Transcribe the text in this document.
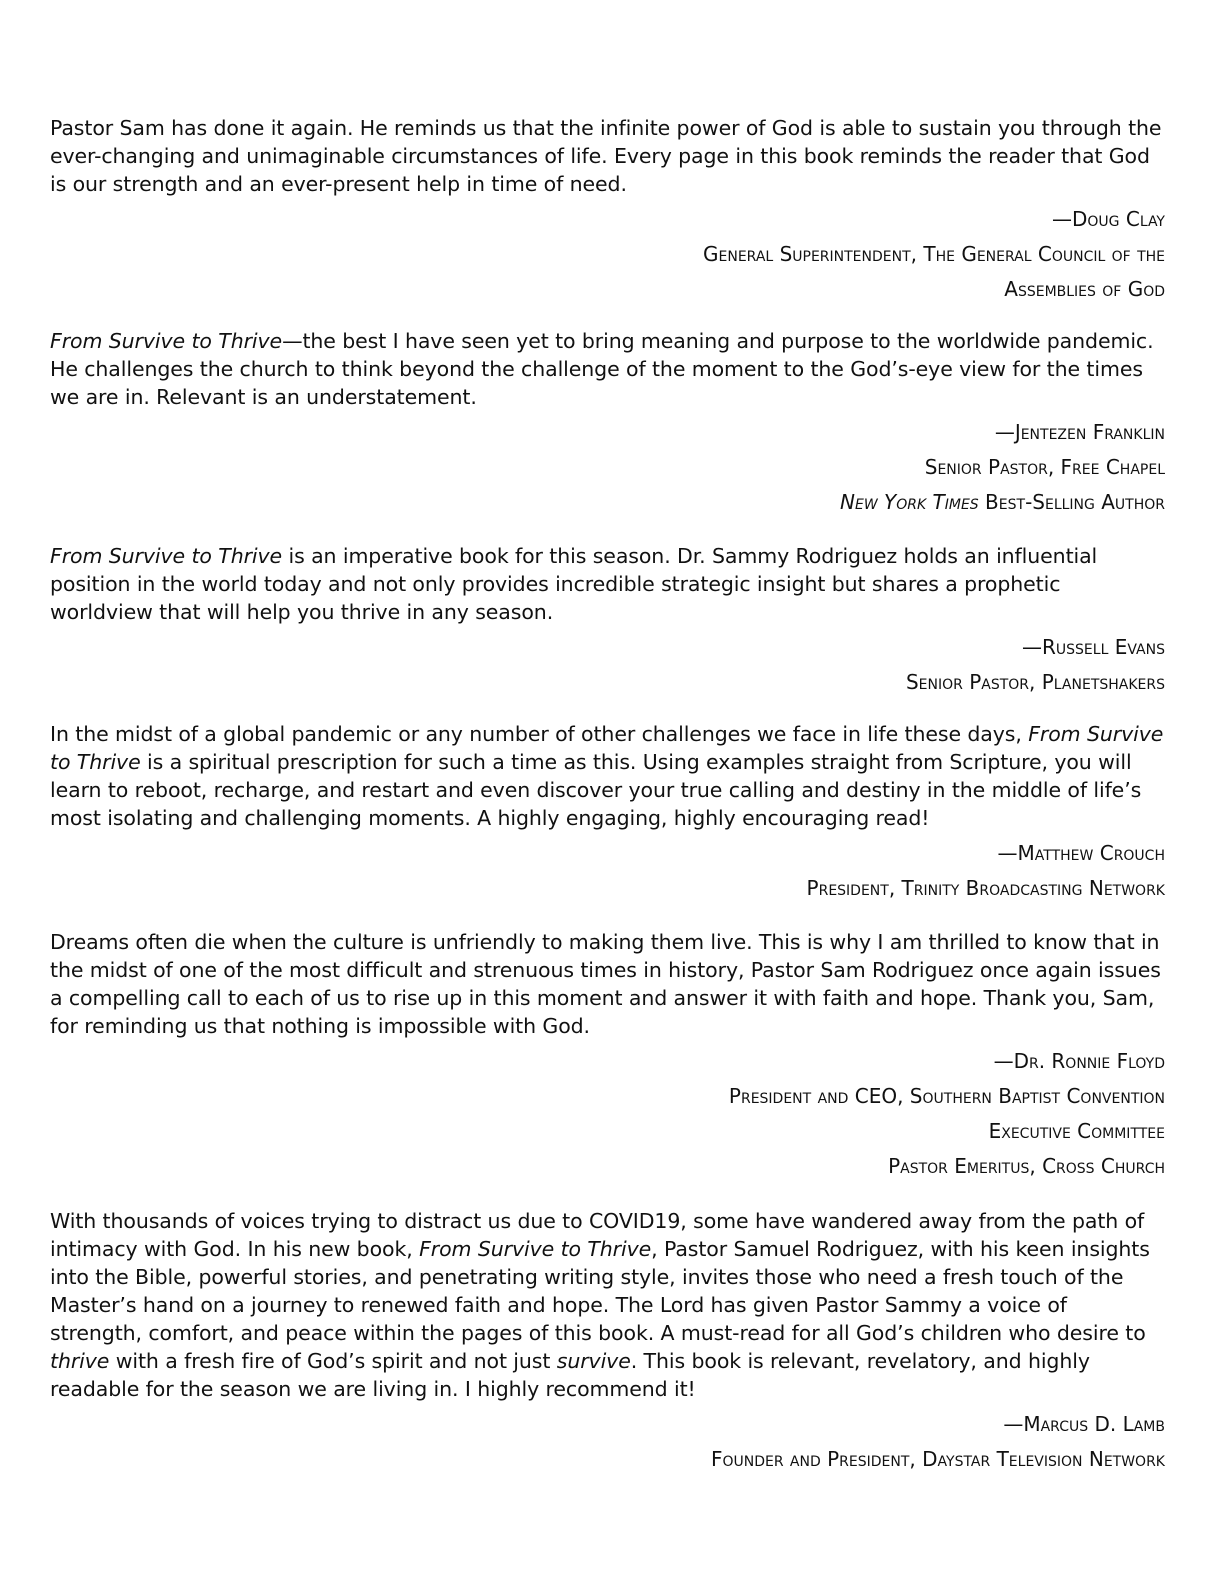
Pastor Sam has done it again. He reminds us that the infinite power of God is able to sustain you through the ever-changing and unimaginable circumstances of life. Every page in this book reminds the reader that God is our strength and an ever-present help in time of need.

—Doug Clay

General Superintendent, The General Council of the

Assemblies of God

From Survive to Thrive—the best I have seen yet to bring meaning and purpose to the worldwide pandemic. He challenges the church to think beyond the challenge of the moment to the God’s-eye view for the times we are in. Relevant is an understatement.

—Jentezen Franklin

Senior Pastor, Free Chapel

New York Times Best-Selling Author

From Survive to Thrive is an imperative book for this season. Dr. Sammy Rodriguez holds an influential position in the world today and not only provides incredible strategic insight but shares a prophetic worldview that will help you thrive in any season.

—Russell Evans

Senior Pastor, Planetshakers

In the midst of a global pandemic or any number of other challenges we face in life these days, From Survive to Thrive is a spiritual prescription for such a time as this. Using examples straight from Scripture, you will learn to reboot, recharge, and restart and even discover your true calling and destiny in the middle of life’s most isolating and challenging moments. A highly engaging, highly encouraging read!

—Matthew Crouch

President, Trinity Broadcasting Network

Dreams often die when the culture is unfriendly to making them live. This is why I am thrilled to know that in the midst of one of the most difficult and strenuous times in history, Pastor Sam Rodriguez once again issues a compelling call to each of us to rise up in this moment and answer it with faith and hope. Thank you, Sam, for reminding us that nothing is impossible with God.

—Dr. Ronnie Floyd

President and CEO, Southern Baptist Convention

Executive Committee

Pastor Emeritus, Cross Church

With thousands of voices trying to distract us due to COVID19, some have wandered away from the path of intimacy with God. In his new book, From Survive to Thrive, Pastor Samuel Rodriguez, with his keen insights into the Bible, powerful stories, and penetrating writing style, invites those who need a fresh touch of the Master’s hand on a journey to renewed faith and hope. The Lord has given Pastor Sammy a voice of strength, comfort, and peace within the pages of this book. A must-read for all God’s children who desire to thrive with a fresh fire of God’s spirit and not just survive. This book is relevant, revelatory, and highly readable for the season we are living in. I highly recommend it!

—Marcus D. Lamb

Founder and President, Daystar Television Network
